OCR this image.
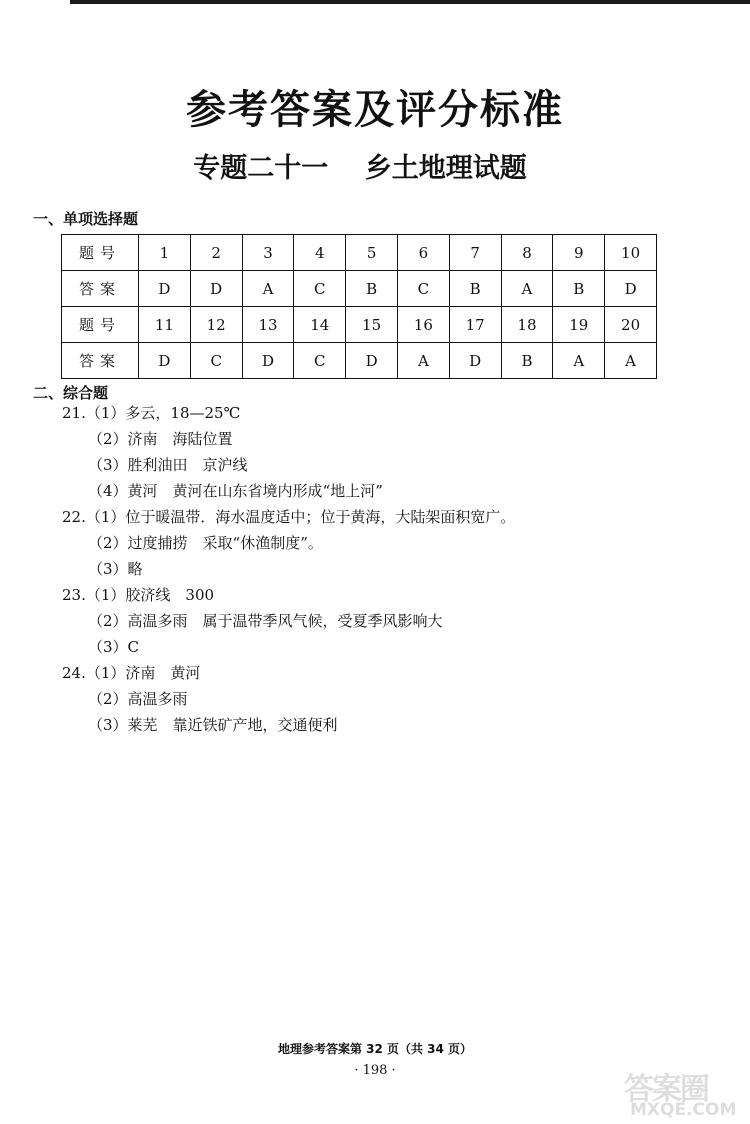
参考答案及评分标准
专题二十一　 乡土地理试题
一、单项选择题
题号	1	2	3	4	5	6	7	8	9	10
答案	D	D	A	C	B	C	B	A	B	D
题号	11	12	13	14	15	16	17	18	19	20
答案	D	C	D	C	D	A	D	B	A	A
二、综合题
21.（1）多云，18—25℃
（2）济南　海陆位置
（3）胜利油田　京沪线
（4）黄河　黄河在山东省境内形成“地上河”
22.（1）位于暖温带．海水温度适中；位于黄海，大陆架面积宽广。
（2）过度捕捞　采取“休渔制度”。
（3）略
23.（1）胶济线　300
（2）高温多雨　属于温带季风气候，受夏季风影响大
（3）C
24.（1）济南　黄河
（2）高温多雨
（3）莱芜　靠近铁矿产地，交通便利
地理参考答案第 32 页（共 34 页）
· 198 ·
答案圈
MXQE.COM
